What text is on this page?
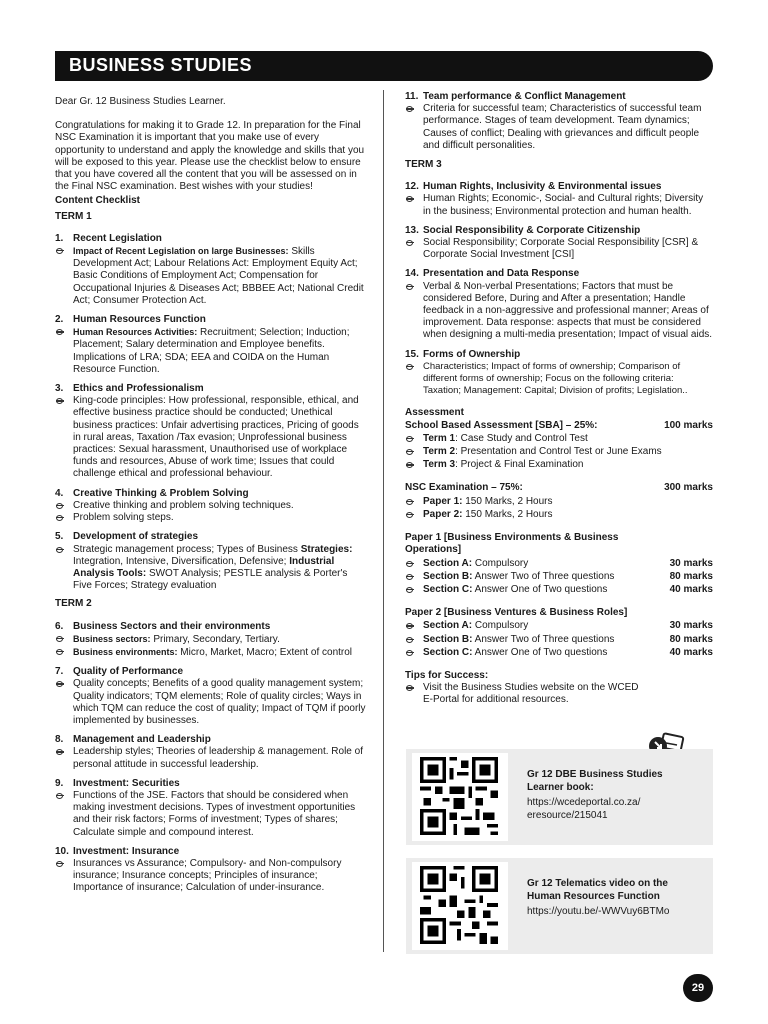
BUSINESS STUDIES

Dear Gr. 12 Business Studies Learner.

Congratulations for making it to Grade 12. In preparation for the Final NSC Examination it is important that you make use of every opportunity to understand and apply the knowledge and skills that you will be exposed to this year. Please use the checklist below to ensure that you have covered all the content that you will be assessed on in the Final NSC examination. Best wishes with your studies!

Content Checklist

TERM 1

1. Recent Legislation
Impact of Recent Legislation on large Businesses: Skills Development Act; Labour Relations Act: Employment Equity Act; Basic Conditions of Employment Act; Compensation for Occupational Injuries & Diseases Act; BBBEE Act; National Credit Act; Consumer Protection Act.
2. Human Resources Function
Human Resources Activities: Recruitment; Selection; Induction; Placement; Salary determination and Employee benefits. Implications of LRA; SDA; EEA and COIDA on the Human Resource Function.
3. Ethics and Professionalism
King-code principles: How professional, responsible, ethical, and effective business practice should be conducted; Unethical business practices: Unfair advertising practices, Pricing of goods in rural areas, Taxation /Tax evasion; Unprofessional business practices: Sexual harassment, Unauthorised use of workplace funds and resources, Abuse of work time; Issues that could challenge ethical and professional behaviour.
4. Creative Thinking & Problem Solving
Creative thinking and problem solving techniques.
Problem solving steps.
5. Development of strategies
Strategic management process; Types of Business Strategies: Integration, Intensive, Diversification, Defensive; Industrial Analysis Tools: SWOT Analysis; PESTLE analysis & Porter's Five Forces; Strategy evaluation

TERM 2

6. Business Sectors and their environments
Business sectors: Primary, Secondary, Tertiary.
Business environments: Micro, Market, Macro; Extent of control
7. Quality of Performance
Quality concepts; Benefits of a good quality management system; Quality indicators; TQM elements; Role of quality circles; Ways in which TQM can reduce the cost of quality; Impact of TQM if poorly implemented by businesses.
8. Management and Leadership
Leadership styles; Theories of leadership & management. Role of personal attitude in successful leadership.
9. Investment: Securities
Functions of the JSE. Factors that should be considered when making investment decisions. Types of investment opportunities and their risk factors; Forms of investment; Types of shares; Calculate simple and compound interest.
10. Investment: Insurance
Insurances vs Assurance; Compulsory- and Non-compulsory insurance; Insurance concepts; Principles of insurance; Importance of insurance; Calculation of under-insurance.
11. Team performance & Conflict Management
Criteria for successful team; Characteristics of successful team performance. Stages of team development. Team dynamics; Causes of conflict; Dealing with grievances and difficult people and difficult personalities.

TERM 3

12. Human Rights, Inclusivity & Environmental issues
Human Rights; Economic-, Social- and Cultural rights; Diversity in the business; Environmental protection and human health.
13. Social Responsibility & Corporate Citizenship
Social Responsibility; Corporate Social Responsibility [CSR] & Corporate Social Investment [CSI]
14. Presentation and Data Response
Verbal & Non-verbal Presentations; Factors that must be considered Before, During and After a presentation; Handle feedback in a non-aggressive and professional manner; Areas of improvement. Data response: aspects that must be considered when designing a multi-media presentation; Impact of visual aids.
15. Forms of Ownership
Characteristics; Impact of forms of ownership; Comparison of different forms of ownership; Focus on the following criteria: Taxation; Management: Capital; Division of profits; Legislation..
Assessment
School Based Assessment [SBA] – 25%:	100 marks
Term 1: Case Study and Control Test
Term 2: Presentation and Control Test or June Exams
Term 3: Project & Final Examination
NSC Examination – 75%:	300 marks
Paper 1: 150 Marks, 2 Hours
Paper 2: 150 Marks, 2 Hours
Paper 1 [Business Environments & Business Operations]
Section A: Compulsory	30 marks
Section B: Answer Two of Three questions	80 marks
Section C: Answer One of Two questions	40 marks
Paper 2 [Business Ventures & Business Roles]
Section A: Compulsory	30 marks
Section B: Answer Two of Three questions	80 marks
Section C: Answer One of Two questions	40 marks
Tips for Success:
Visit the Business Studies website on the WCED E-Portal for additional resources.
Gr 12 DBE Business Studies Learner book:
https://wcedeportal.co.za/ eresource/215041
Gr 12 Telematics video on the Human Resources Function
https://youtu.be/-WWVuy6BTMo
29
